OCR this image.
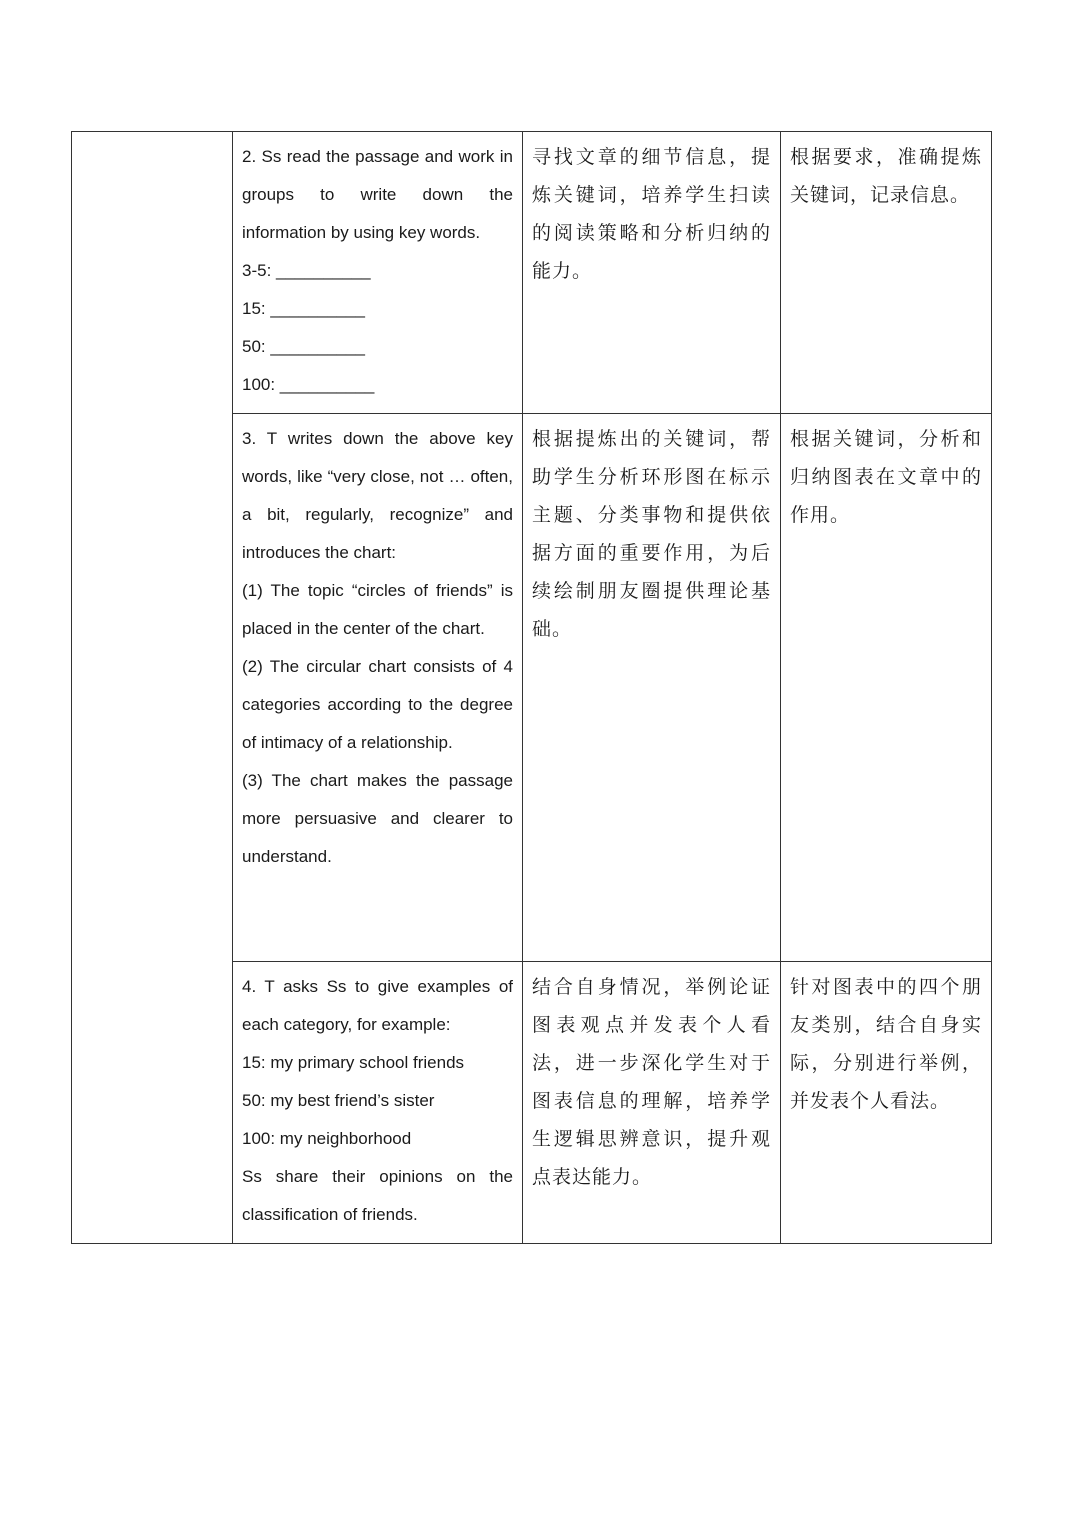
	2. Ss read the passage and work in groups to write down the information by using key words.
3-5: __________
15: __________
50: __________
100: __________	寻找文章的细节信息，提炼关键词，培养学生扫读的阅读策略和分析归纳的能力。	根据要求，准确提炼关键词，记录信息。

	3. T writes down the above key words, like “very close, not … often, a bit, regularly, recognize” and introduces the chart:
(1) The topic “circles of friends” is placed in the center of the chart.
(2) The circular chart consists of 4 categories according to the degree of intimacy of a relationship.
(3) The chart makes the passage more persuasive and clearer to understand.	根据提炼出的关键词，帮助学生分析环形图在标示主题、分类事物和提供依据方面的重要作用，为后续绘制朋友圈提供理论基础。	根据关键词，分析和归纳图表在文章中的作用。

	4. T asks Ss to give examples of each category, for example:
15: my primary school friends
50: my best friend’s sister
100: my neighborhood
Ss share their opinions on the classification of friends.	结合自身情况，举例论证图表观点并发表个人看法，进一步深化学生对于图表信息的理解，培养学生逻辑思辨意识，提升观点表达能力。	针对图表中的四个朋友类别，结合自身实际，分别进行举例，并发表个人看法。
